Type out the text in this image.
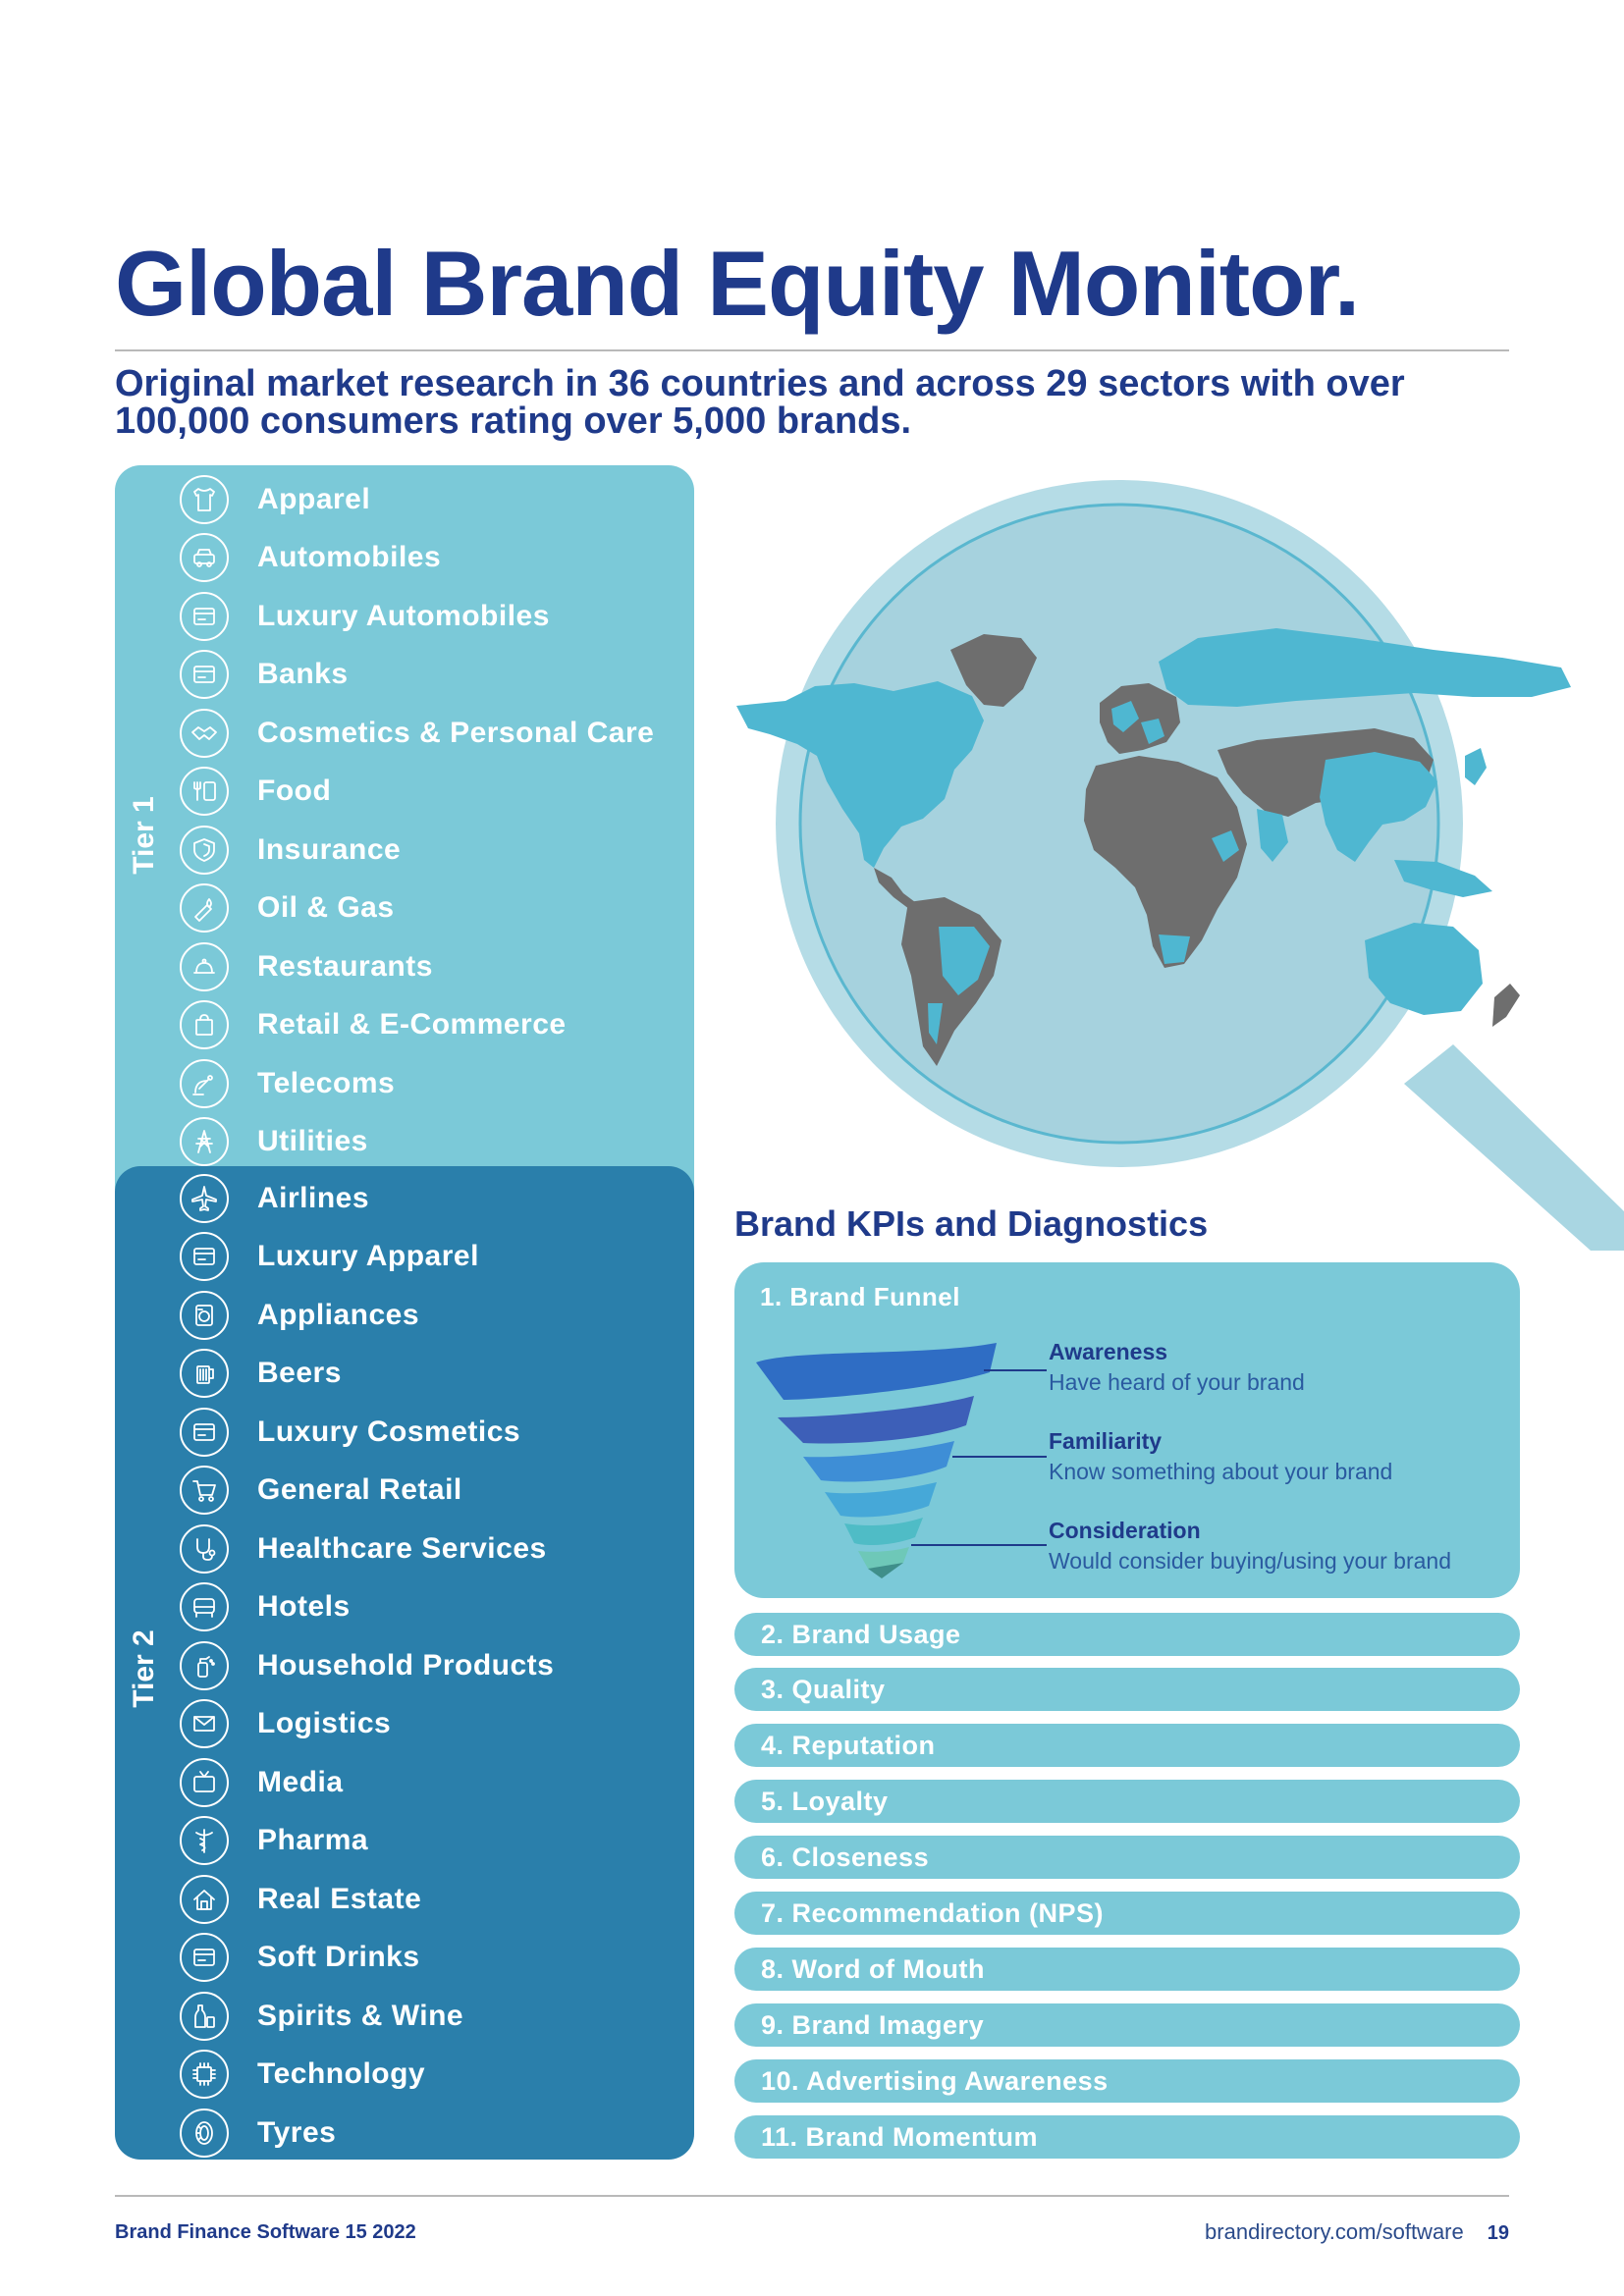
Global Brand Equity Monitor.
Original market research in 36 countries and across 29 sectors with over 100,000 consumers rating over 5,000 brands.
Tier 1
Apparel
Automobiles
Luxury Automobiles
Banks
Cosmetics & Personal Care
Food
Insurance
Oil & Gas
Restaurants
Retail & E-Commerce
Telecoms
Utilities
Tier 2
Airlines
Luxury Apparel
Appliances
Beers
Luxury Cosmetics
General Retail
Healthcare Services
Hotels
Household Products
Logistics
Media
Pharma
Real Estate
Soft Drinks
Spirits & Wine
Technology
Tyres
Brand KPIs and Diagnostics
1. Brand Funnel
Awareness
Have heard of your brand
Familiarity
Know something about your brand
Consideration
Would consider buying/using your brand
2. Brand Usage
3. Quality
4. Reputation
5. Loyalty
6. Closeness
7. Recommendation (NPS)
8. Word of Mouth
9. Brand Imagery
10. Advertising Awareness
11. Brand Momentum
Brand Finance Software 15 2022	brandirectory.com/software 19
